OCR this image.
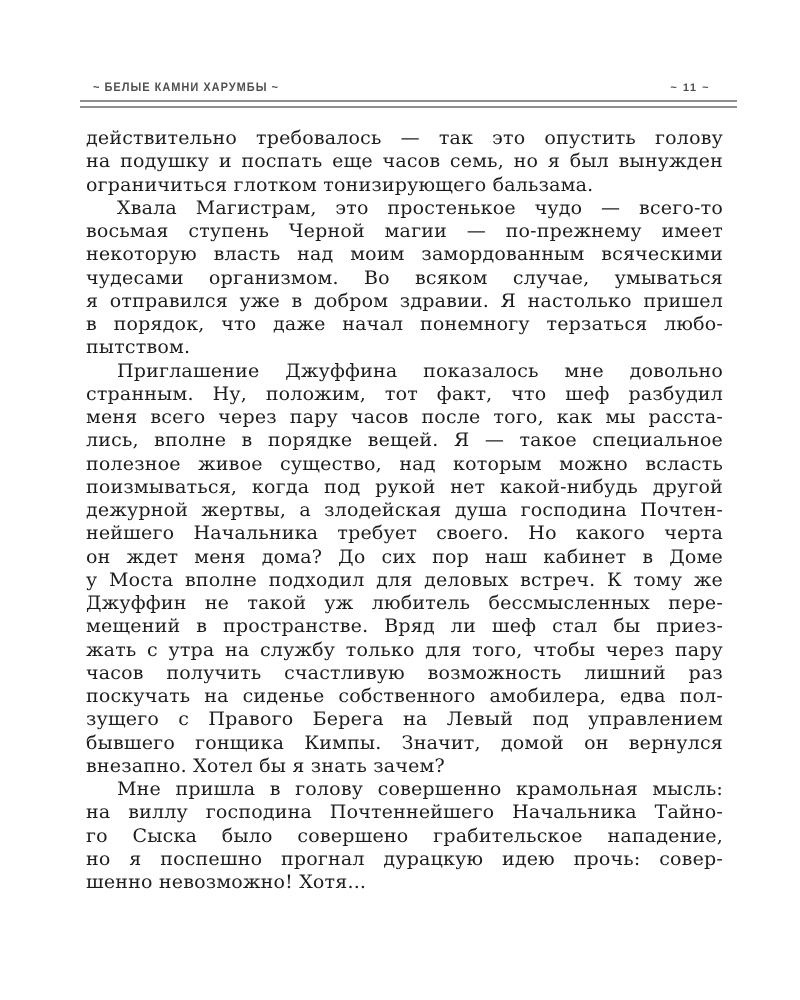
~ БЕЛЫЕ КАМНИ ХАРУМБЫ ~	~ 11 ~
действительно требовалось — так это опустить голову
на подушку и поспать еще часов семь, но я был вынужден
ограничиться глотком тонизирующего бальзама.
Хвала Магистрам, это простенькое чудо — всего-то
восьмая ступень Черной магии — по-прежнему имеет
некоторую власть над моим замордованным всяческими
чудесами организмом. Во всяком случае, умываться
я отправился уже в добром здравии. Я настолько пришел
в порядок, что даже начал понемногу терзаться любо-
пытством.
Приглашение Джуффина показалось мне довольно
странным. Ну, положим, тот факт, что шеф разбудил
меня всего через пару часов после того, как мы расста-
лись, вполне в порядке вещей. Я — такое специальное
полезное живое существо, над которым можно всласть
поизмываться, когда под рукой нет какой-нибудь другой
дежурной жертвы, а злодейская душа господина Почтен-
нейшего Начальника требует своего. Но какого черта
он ждет меня дома? До сих пор наш кабинет в Доме
у Моста вполне подходил для деловых встреч. К тому же
Джуффин не такой уж любитель бессмысленных пере-
мещений в пространстве. Вряд ли шеф стал бы приез-
жать с утра на службу только для того, чтобы через пару
часов получить счастливую возможность лишний раз
поскучать на сиденье собственного амобилера, едва пол-
зущего с Правого Берега на Левый под управлением
бывшего гонщика Кимпы. Значит, домой он вернулся
внезапно. Хотел бы я знать зачем?
Мне пришла в голову совершенно крамольная мысль:
на виллу господина Почтеннейшего Начальника Тайно-
го Сыска было совершено грабительское нападение,
но я поспешно прогнал дурацкую идею прочь: совер-
шенно невозможно! Хотя...
